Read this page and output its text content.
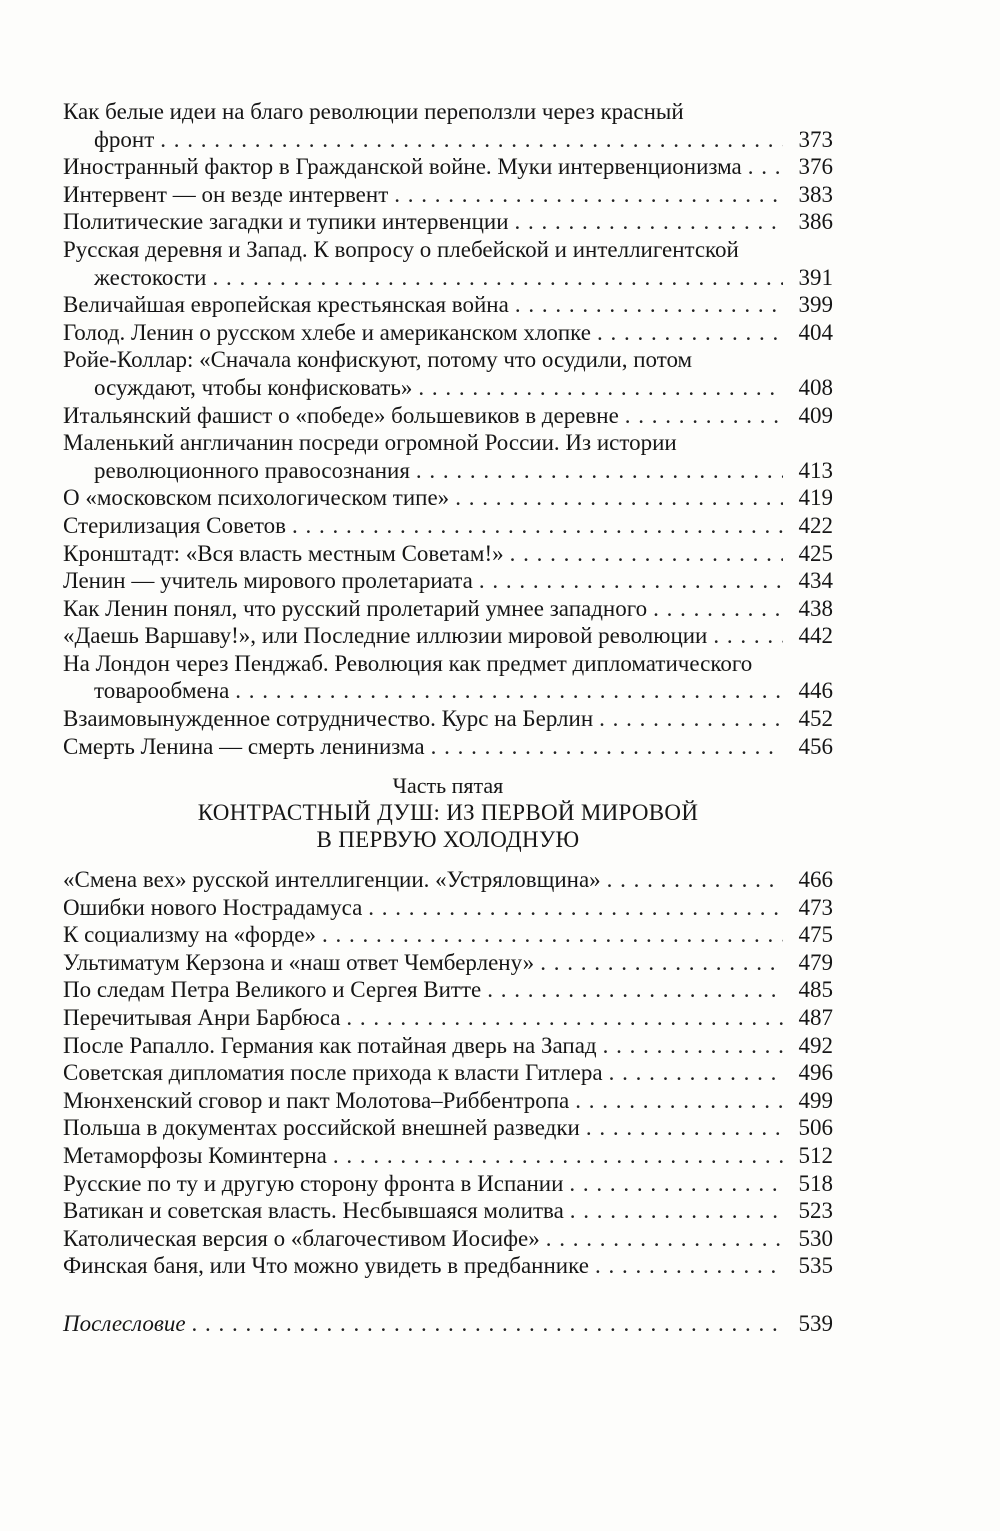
Как белые идеи на благо революции переползли через красный
фронт . . .	373
Иностранный фактор в Гражданской войне. Муки интервенционизма . . .	376
Интервент — он везде интервент . . .	383
Политические загадки и тупики интервенции . . .	386
Русская деревня и Запад. К вопросу о плебейской и интеллигентской
жестокости . . .	391
Величайшая европейская крестьянская война . . .	399
Голод. Ленин о русском хлебе и американском хлопке . . .	404
Ройе-Коллар: «Сначала конфискуют, потому что осудили, потом
осуждают, чтобы конфисковать» . . .	408
Итальянский фашист о «победе» большевиков в деревне . . .	409
Маленький англичанин посреди огромной России. Из истории
революционного правосознания . . .	413
О «московском психологическом типе» . . .	419
Стерилизация Советов . . .	422
Кронштадт: «Вся власть местным Советам!» . . .	425
Ленин — учитель мирового пролетариата . . .	434
Как Ленин понял, что русский пролетарий умнее западного . . .	438
«Даешь Варшаву!», или Последние иллюзии мировой революции . . .	442
На Лондон через Пенджаб. Революция как предмет дипломатического
товарообмена . . .	446
Взаимовынужденное сотрудничество. Курс на Берлин . . .	452
Смерть Ленина — смерть ленинизма . . .	456
Часть пятая
КОНТРАСТНЫЙ ДУШ: ИЗ ПЕРВОЙ МИРОВОЙ
В ПЕРВУЮ ХОЛОДНУЮ
«Смена вех» русской интеллигенции. «Устряловщина» . . .	466
Ошибки нового Нострадамуса . . .	473
К социализму на «форде» . . .	475
Ультиматум Керзона и «наш ответ Чемберлену» . . .	479
По следам Петра Великого и Сергея Витте . . .	485
Перечитывая Анри Барбюса . . .	487
После Рапалло. Германия как потайная дверь на Запад . . .	492
Советская дипломатия после прихода к власти Гитлера . . .	496
Мюнхенский сговор и пакт Молотова–Риббентропа . . .	499
Польша в документах российской внешней разведки . . .	506
Метаморфозы Коминтерна . . .	512
Русские по ту и другую сторону фронта в Испании . . .	518
Ватикан и советская власть. Несбывшаяся молитва . . .	523
Католическая версия о «благочестивом Иосифе» . . .	530
Финская баня, или Что можно увидеть в предбаннике . . .	535
Послесловие . . .	539
